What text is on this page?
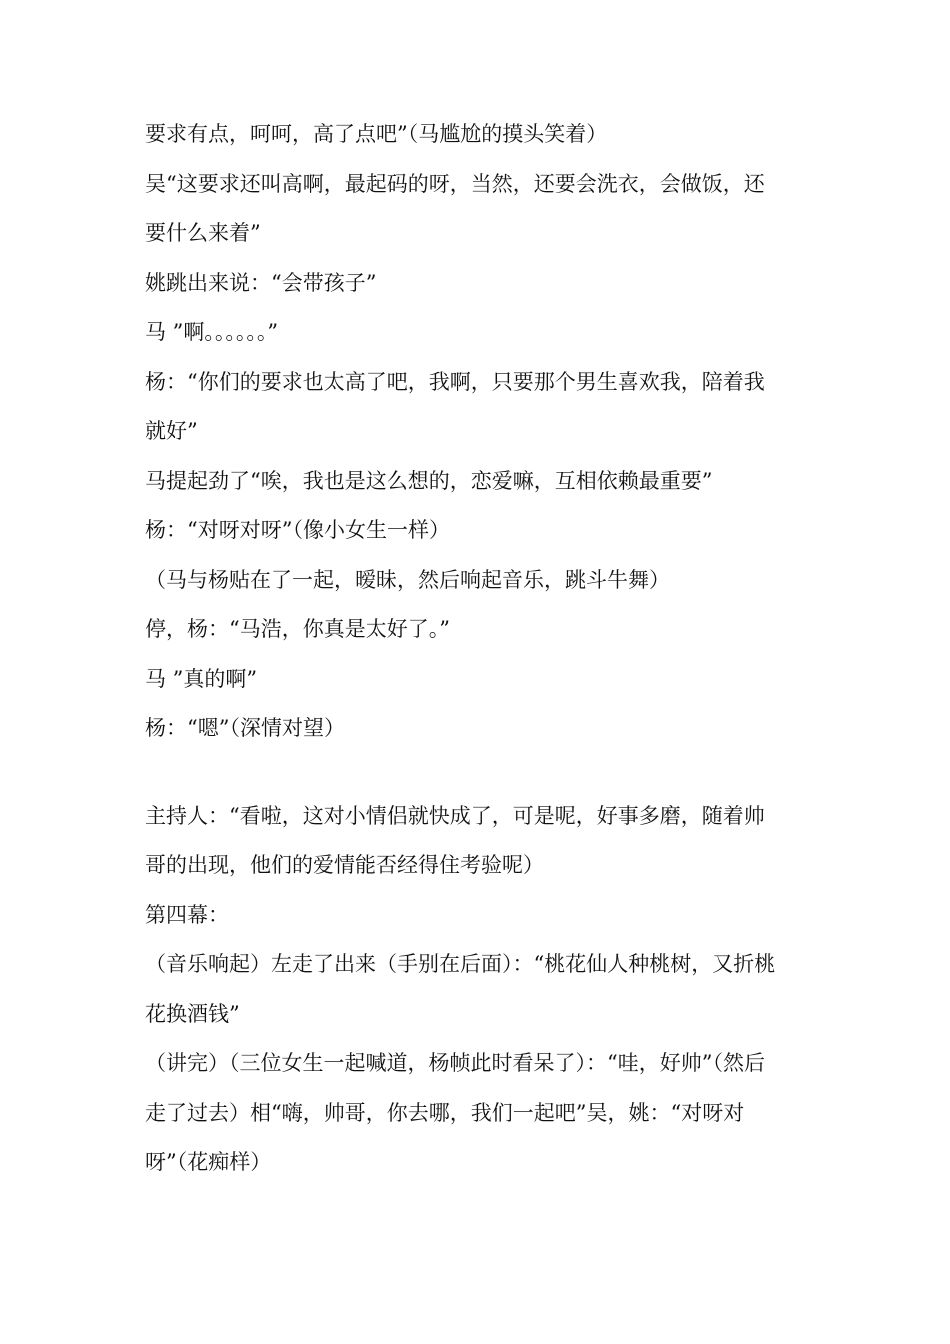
要求有点，呵呵，高了点吧”（马尴尬的摸头笑着）
吴“这要求还叫高啊，最起码的呀，当然，还要会洗衣，会做饭，还
要什么来着”
姚跳出来说：“会带孩子”
马 ”啊。。。。。。”
杨：“你们的要求也太高了吧，我啊，只要那个男生喜欢我，陪着我
就好”
马提起劲了“唉，我也是这么想的，恋爱嘛，互相依赖最重要”
杨：“对呀对呀”（像小女生一样）
（马与杨贴在了一起，暧昧，然后响起音乐，跳斗牛舞）
停，杨：“马浩，你真是太好了。”
马 ”真的啊”
杨：“嗯”（深情对望）
主持人：“看啦，这对小情侣就快成了，可是呢，好事多磨，随着帅
哥的出现，他们的爱情能否经得住考验呢）
第四幕：
（音乐响起）左走了出来（手别在后面）：“桃花仙人种桃树，又折桃
花换酒钱”
（讲完）（三位女生一起喊道，杨帧此时看呆了）：“哇，好帅”（然后
走了过去）相“嗨，帅哥，你去哪，我们一起吧”吴，姚：“对呀对
呀”（花痴样）
